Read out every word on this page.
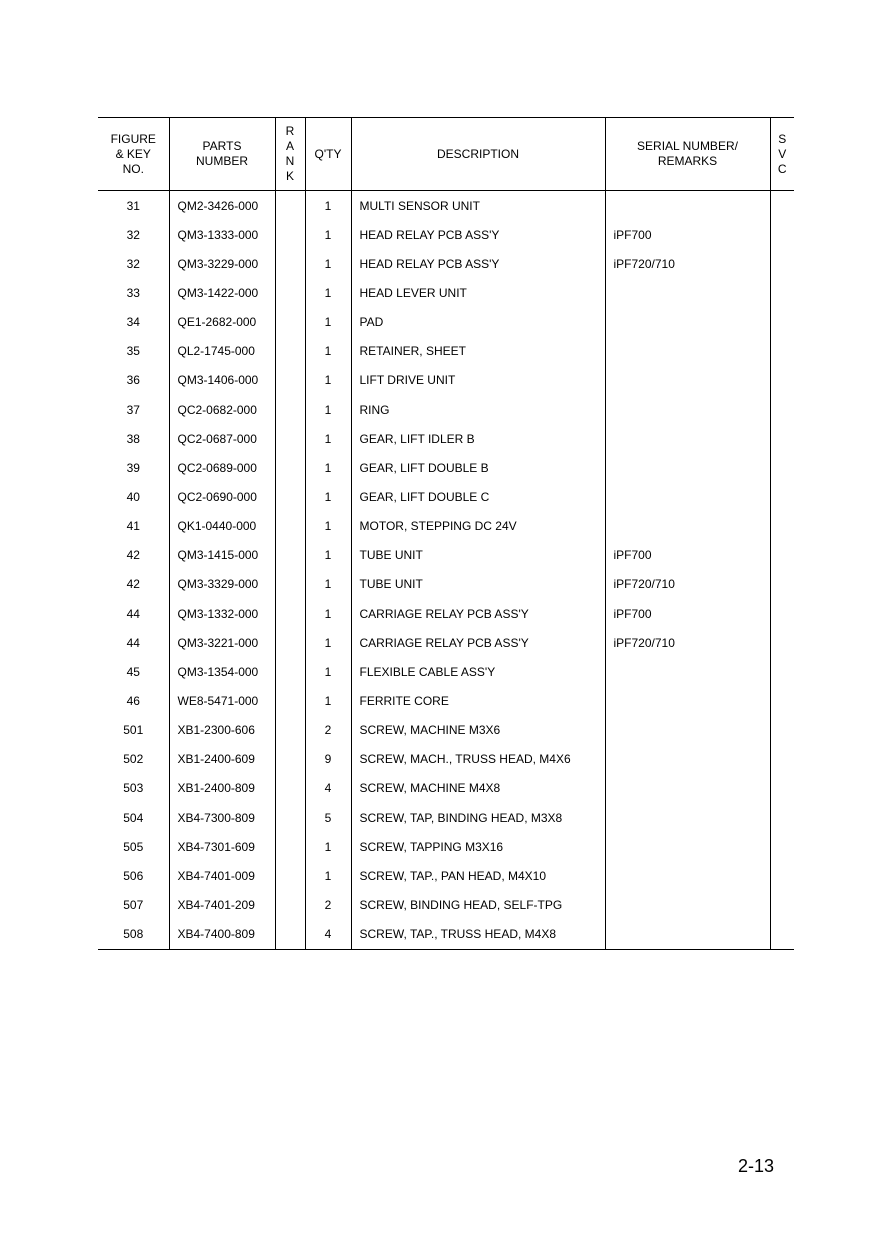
FIGURE
& KEY
NO.	PARTS
NUMBER	R
A
N
K	Q'TY	DESCRIPTION	SERIAL NUMBER/
REMARKS	S
V
C

31	QM2-3426-000		1	MULTI SENSOR UNIT		
32	QM3-1333-000		1	HEAD RELAY PCB ASS'Y	iPF700	
32	QM3-3229-000		1	HEAD RELAY PCB ASS'Y	iPF720/710	
33	QM3-1422-000		1	HEAD LEVER UNIT		
34	QE1-2682-000		1	PAD		
35	QL2-1745-000		1	RETAINER, SHEET		
36	QM3-1406-000		1	LIFT DRIVE UNIT		
37	QC2-0682-000		1	RING		
38	QC2-0687-000		1	GEAR, LIFT IDLER B		
39	QC2-0689-000		1	GEAR, LIFT DOUBLE B		
40	QC2-0690-000		1	GEAR, LIFT DOUBLE C		
41	QK1-0440-000		1	MOTOR, STEPPING DC 24V		
42	QM3-1415-000		1	TUBE UNIT	iPF700	
42	QM3-3329-000		1	TUBE UNIT	iPF720/710	
44	QM3-1332-000		1	CARRIAGE RELAY PCB ASS'Y	iPF700	
44	QM3-3221-000		1	CARRIAGE RELAY PCB ASS'Y	iPF720/710	
45	QM3-1354-000		1	FLEXIBLE CABLE ASS'Y		
46	WE8-5471-000		1	FERRITE CORE		
501	XB1-2300-606		2	SCREW, MACHINE M3X6		
502	XB1-2400-609		9	SCREW, MACH., TRUSS HEAD, M4X6		
503	XB1-2400-809		4	SCREW, MACHINE M4X8		
504	XB4-7300-809		5	SCREW, TAP, BINDING HEAD, M3X8		
505	XB4-7301-609		1	SCREW, TAPPING M3X16		
506	XB4-7401-009		1	SCREW, TAP., PAN HEAD, M4X10		
507	XB4-7401-209		2	SCREW, BINDING HEAD, SELF-TPG		
508	XB4-7400-809		4	SCREW, TAP., TRUSS HEAD, M4X8		
2-13
